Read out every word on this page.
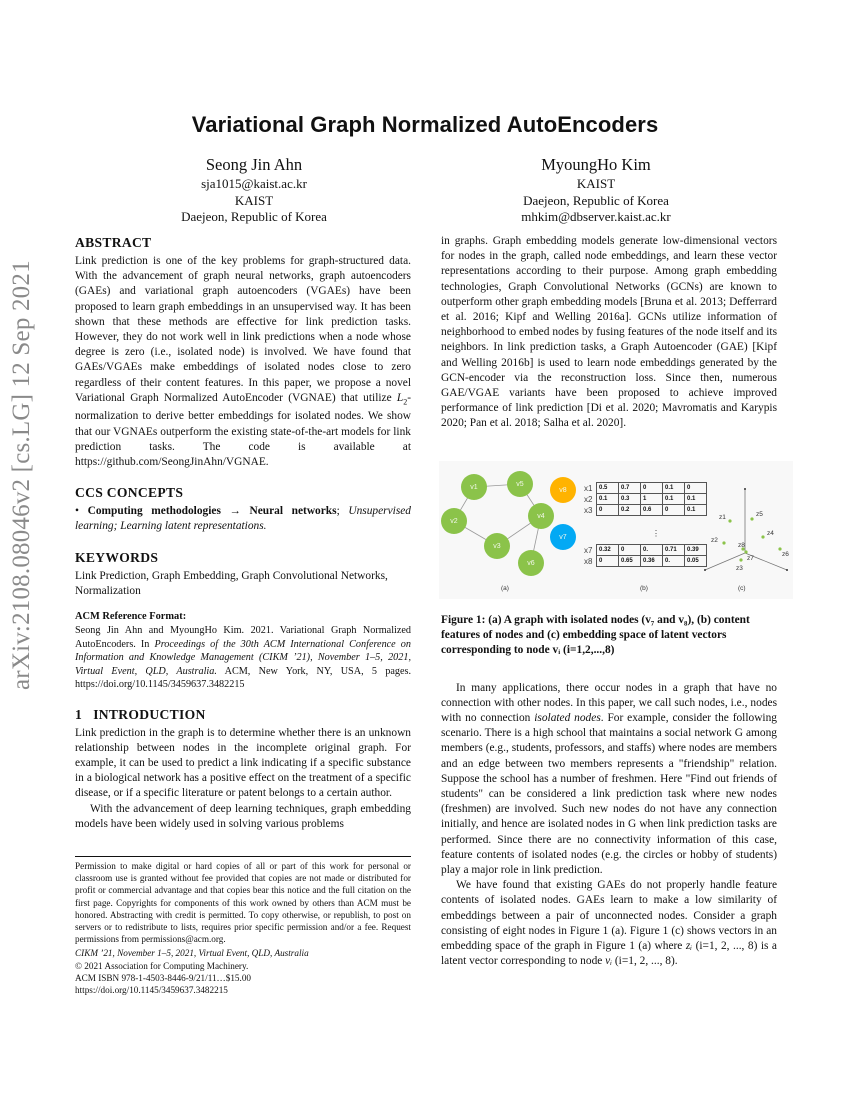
arXiv:2108.08046v2 [cs.LG] 12 Sep 2021
Variational Graph Normalized AutoEncoders
Seong Jin Ahn
sja1015@kaist.ac.kr
KAIST
Daejeon, Republic of Korea
MyoungHo Kim
KAIST
Daejeon, Republic of Korea
mhkim@dbserver.kaist.ac.kr
ABSTRACT

Link prediction is one of the key problems for graph-structured data. With the advancement of graph neural networks, graph autoencoders (GAEs) and variational graph autoencoders (VGAEs) have been proposed to learn graph embeddings in an unsupervised way. It has been shown that these methods are effective for link prediction tasks. However, they do not work well in link predictions when a node whose degree is zero (i.e., isolated node) is involved. We have found that GAEs/VGAEs make embeddings of isolated nodes close to zero regardless of their content features. In this paper, we propose a novel Variational Graph Normalized AutoEncoder (VGNAE) that utilize $L_2$-normalization to derive better embeddings for isolated nodes. We show that our VGNAEs outperform the existing state-of-the-art models for link prediction tasks. The code is available at https://github.com/SeongJinAhn/VGNAE.

CCS CONCEPTS

• Computing methodologies → Neural networks; Unsupervised learning; Learning latent representations.

KEYWORDS

Link Prediction, Graph Embedding, Graph Convolutional Networks, Normalization

ACM Reference Format:

Seong Jin Ahn and MyoungHo Kim. 2021. Variational Graph Normalized AutoEncoders. In Proceedings of the 30th ACM International Conference on Information and Knowledge Management (CIKM ’21), November 1–5, 2021, Virtual Event, QLD, Australia. ACM, New York, NY, USA, 5 pages. https://doi.org/10.1145/3459637.3482215

1   INTRODUCTION

Link prediction in the graph is to determine whether there is an unknown relationship between nodes in the incomplete original graph. For example, it can be used to predict a link indicating if a specific substance in a biological network has a positive effect on the treatment of a specific disease, or if a specific literature or patent belongs to a certain author.

With the advancement of deep learning techniques, graph embedding models have been widely used in solving various problems

Permission to make digital or hard copies of all or part of this work for personal or classroom use is granted without fee provided that copies are not made or distributed for profit or commercial advantage and that copies bear this notice and the full citation on the first page. Copyrights for components of this work owned by others than ACM must be honored. Abstracting with credit is permitted. To copy otherwise, or republish, to post on servers or to redistribute to lists, requires prior specific permission and/or a fee. Request permissions from permissions@acm.org.

CIKM ’21, November 1–5, 2021, Virtual Event, QLD, Australia

© 2021 Association for Computing Machinery.

ACM ISBN 978-1-4503-8446-9/21/11…$15.00

https://doi.org/10.1145/3459637.3482215

in graphs. Graph embedding models generate low-dimensional vectors for nodes in the graph, called node embeddings, and learn these vector representations according to their purpose. Among graph embedding technologies, Graph Convolutional Networks (GCNs) are known to outperform other graph embedding models [Bruna et al. 2013; Defferrard et al. 2016; Kipf and Welling 2016a]. GCNs utilize information of neighborhood to embed nodes by fusing features of the node itself and its neighbors. In link prediction tasks, a Graph Autoencoder (GAE) [Kipf and Welling 2016b] is used to learn node embeddings generated by the GCN-encoder via the reconstruction loss. Since then, numerous GAE/VGAE variants have been proposed to achieve improved performance of link prediction [Di et al. 2020; Mavromatis and Karypis 2020; Pan et al. 2018; Salha et al. 2020].

v1	v5
v8
v2
v4
v7
v3
v6
x1	0.5	0.7	0	0.1	0
x2	0.1	0.3	1	0.1	0.1
x3	0	0.2	0.6	0	0.1
⋮
x7	0.32	0	0.	0.71	0.39
x8	0	0.65	0.36	0.	0.05
z1
z2
z3
z4
z5
z6
z7
z8
(a)	(b)	(c)

Figure 1: (a) A graph with isolated nodes (v₇ and v₈), (b) content features of nodes and (c) embedding space of latent vectors corresponding to node vᵢ (i=1,2,...,8)

In many applications, there occur nodes in a graph that have no connection with other nodes. In this paper, we call such nodes, i.e., nodes with no connection isolated nodes. For example, consider the following scenario. There is a high school that maintains a social network G among members (e.g., students, professors, and staffs) where nodes are members and an edge between two members represents a "friendship" relation. Suppose the school has a number of freshmen. Here "Find out friends of students" can be considered a link prediction task where new nodes (freshmen) are involved. Such new nodes do not have any connection initially, and hence are isolated nodes in G when link prediction tasks are performed. Since there are no connectivity information of this case, feature contents of isolated nodes (e.g. the circles or hobby of students) play a major role in link prediction.

We have found that existing GAEs do not properly handle feature contents of isolated nodes. GAEs learn to make a low similarity of embeddings between a pair of unconnected nodes. Consider a graph consisting of eight nodes in Figure 1 (a). Figure 1 (c) shows vectors in an embedding space of the graph in Figure 1 (a) where zᵢ (i=1, 2, ..., 8) is a latent vector corresponding to node vᵢ (i=1, 2, ..., 8).
